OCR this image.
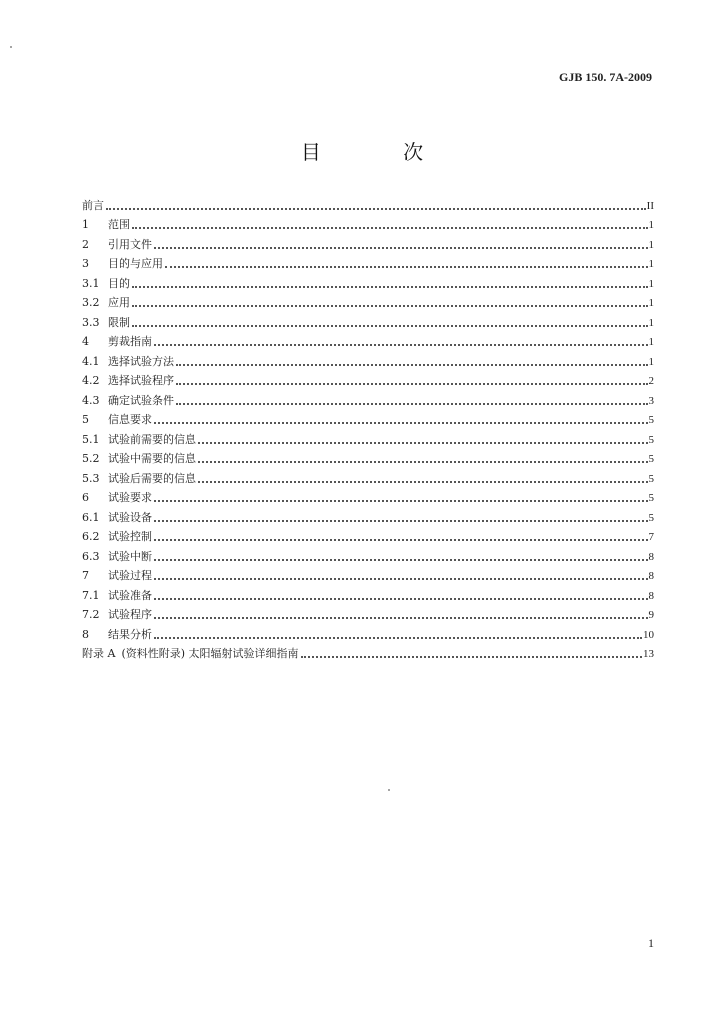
GJB 150. 7A-2009
目 次
前言	II
1	范围	1
2	引用文件	1
3	目的与应用	1
3.1 目的	1
3.2 应用	1
3.3 限制	1
4	剪裁指南	1
4.1 选择试验方法	1
4.2 选择试验程序	2
4.3 确定试验条件	3
5	信息要求	5
5.1 试验前需要的信息	5
5.2 试验中需要的信息	5
5.3 试验后需要的信息	5
6	试验要求	5
6.1 试验设备	5
6.2 试验控制	7
6.3 试验中断	8
7	试验过程	8
7.1 试验准备	8
7.2 试验程序	9
8	结果分析	10
附录 A (资料性附录) 太阳辐射试验详细指南	13
1
